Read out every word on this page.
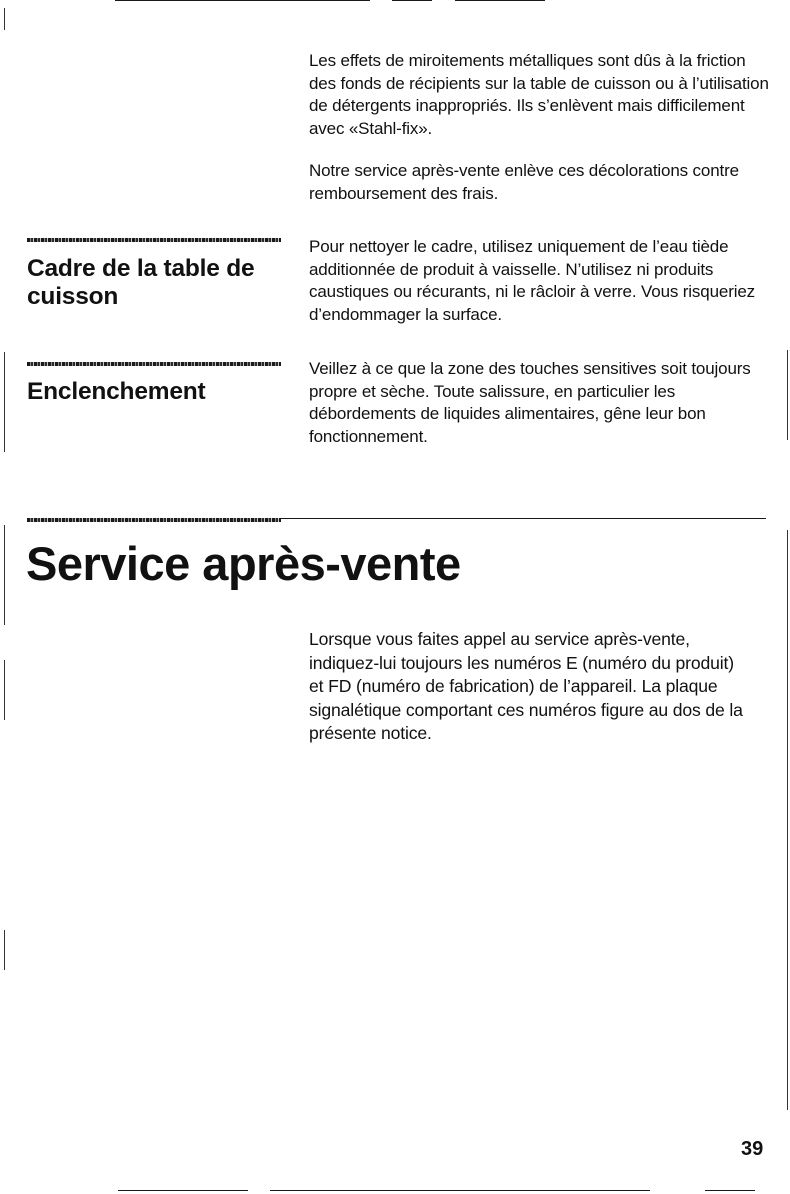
Les effets de miroitements métalliques sont dûs à la friction des fonds de récipients sur la table de cuisson ou à l’utilisation de détergents inappropriés. Ils s’enlèvent mais difficilement avec «Stahl-fix».

Notre service après-vente enlève ces décolorations contre remboursement des frais.

Cadre de la table de cuisson

Pour nettoyer le cadre, utilisez uniquement de l’eau tiède additionnée de produit à vaisselle. N’utilisez ni produits caustiques ou récurants, ni le râcloir à verre. Vous risqueriez d’endommager la surface.

Enclenchement

Veillez à ce que la zone des touches sensitives soit toujours propre et sèche. Toute salissure, en particulier les débordements de liquides alimentaires, gêne leur bon fonctionnement.

Service après-vente

Lorsque vous faites appel au service après-vente, indiquez-lui toujours les numéros E (numéro du produit) et FD (numéro de fabrication) de l’appareil. La plaque signalétique comportant ces numéros figure au dos de la présente notice.

39
